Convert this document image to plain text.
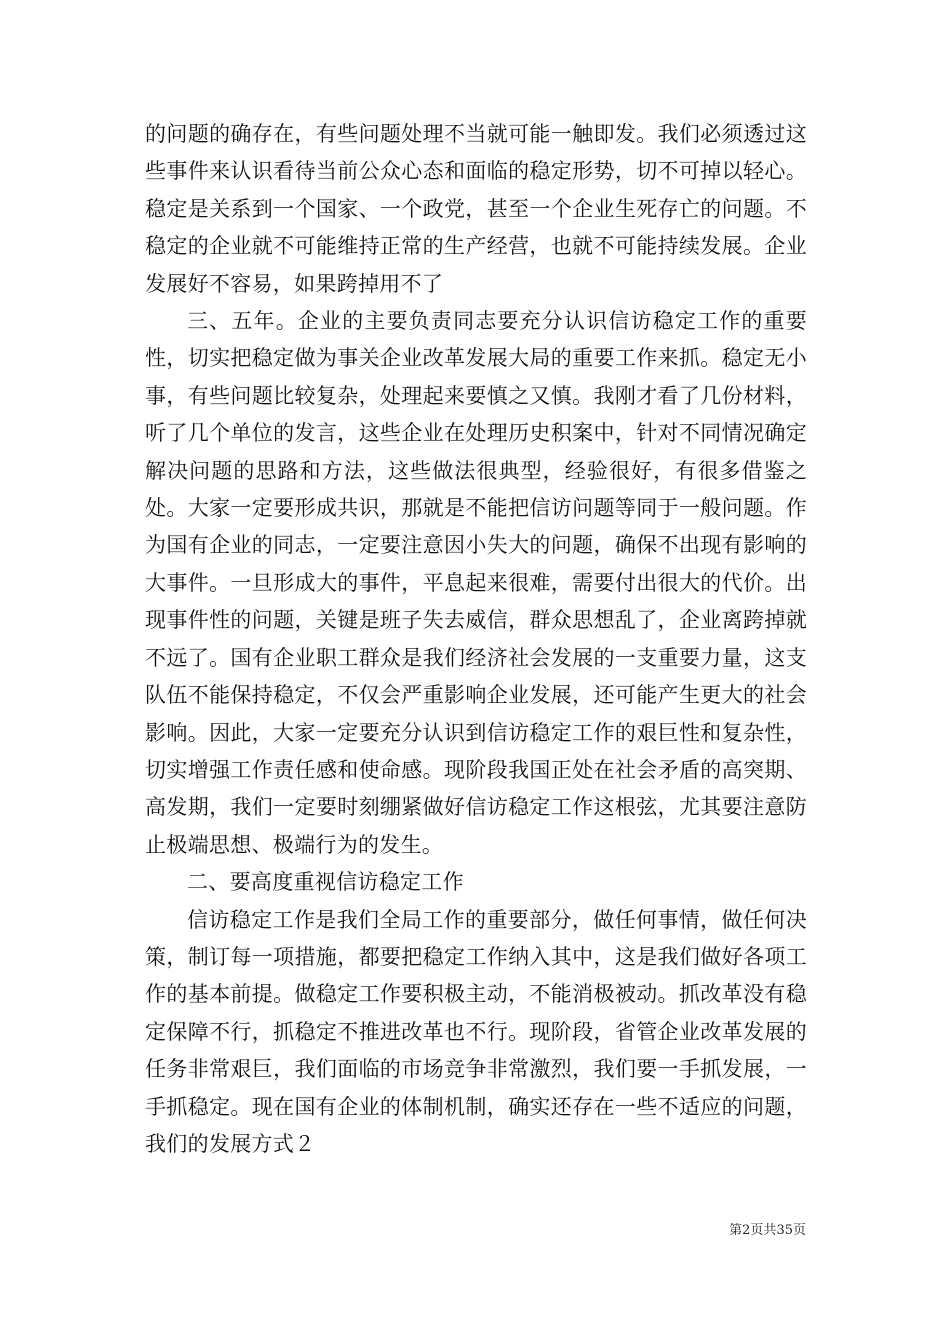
的问题的确存在，有些问题处理不当就可能一触即发。我们必须透过这些事件来认识看待当前公众心态和面临的稳定形势，切不可掉以轻心。稳定是关系到一个国家、一个政党，甚至一个企业生死存亡的问题。不稳定的企业就不可能维持正常的生产经营，也就不可能持续发展。企业发展好不容易，如果跨掉用不了

三、五年。企业的主要负责同志要充分认识信访稳定工作的重要性，切实把稳定做为事关企业改革发展大局的重要工作来抓。稳定无小事，有些问题比较复杂，处理起来要慎之又慎。我刚才看了几份材料，听了几个单位的发言，这些企业在处理历史积案中，针对不同情况确定解决问题的思路和方法，这些做法很典型，经验很好，有很多借鉴之处。大家一定要形成共识，那就是不能把信访问题等同于一般问题。作为国有企业的同志，一定要注意因小失大的问题，确保不出现有影响的大事件。一旦形成大的事件，平息起来很难，需要付出很大的代价。出现事件性的问题，关键是班子失去威信，群众思想乱了，企业离跨掉就不远了。国有企业职工群众是我们经济社会发展的一支重要力量，这支队伍不能保持稳定，不仅会严重影响企业发展，还可能产生更大的社会影响。因此，大家一定要充分认识到信访稳定工作的艰巨性和复杂性，切实增强工作责任感和使命感。现阶段我国正处在社会矛盾的高突期、高发期，我们一定要时刻绷紧做好信访稳定工作这根弦，尤其要注意防止极端思想、极端行为的发生。

二、要高度重视信访稳定工作

信访稳定工作是我们全局工作的重要部分，做任何事情，做任何决策，制订每一项措施，都要把稳定工作纳入其中，这是我们做好各项工作的基本前提。做稳定工作要积极主动，不能消极被动。抓改革没有稳定保障不行，抓稳定不推进改革也不行。现阶段，省管企业改革发展的任务非常艰巨，我们面临的市场竞争非常激烈，我们要一手抓发展，一手抓稳定。现在国有企业的体制机制，确实还存在一些不适应的问题，我们的发展方式２

第2页共35页
